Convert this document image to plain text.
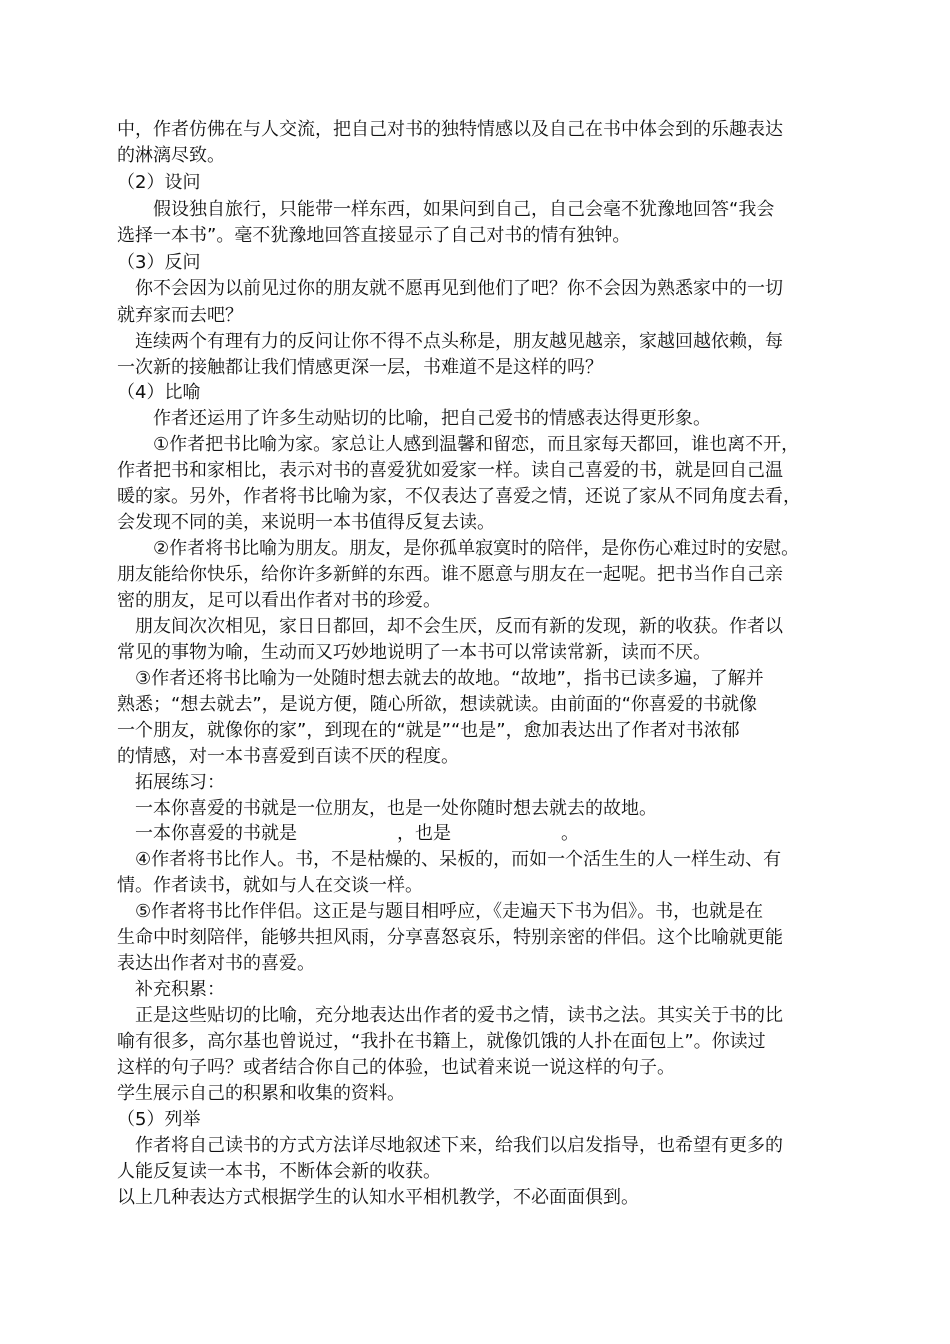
中，作者仿佛在与人交流，把自己对书的独特情感以及自己在书中体会到的乐趣表达
的淋漓尽致。
（2）设问
　　假设独自旅行，只能带一样东西，如果问到自己，自己会毫不犹豫地回答“我会
选择一本书”。毫不犹豫地回答直接显示了自己对书的情有独钟。
（3）反问
　你不会因为以前见过你的朋友就不愿再见到他们了吧？你不会因为熟悉家中的一切
就弃家而去吧？
　连续两个有理有力的反问让你不得不点头称是，朋友越见越亲，家越回越依赖，每
一次新的接触都让我们情感更深一层，书难道不是这样的吗？
（4）比喻
　　作者还运用了许多生动贴切的比喻，把自己爱书的情感表达得更形象。
　　①作者把书比喻为家。家总让人感到温馨和留恋，而且家每天都回，谁也离不开，
作者把书和家相比，表示对书的喜爱犹如爱家一样。读自己喜爱的书，就是回自己温
暖的家。另外，作者将书比喻为家，不仅表达了喜爱之情，还说了家从不同角度去看，
会发现不同的美，来说明一本书值得反复去读。
　　②作者将书比喻为朋友。朋友，是你孤单寂寞时的陪伴，是你伤心难过时的安慰。
朋友能给你快乐，给你许多新鲜的东西。谁不愿意与朋友在一起呢。把书当作自己亲
密的朋友，足可以看出作者对书的珍爱。
　朋友间次次相见，家日日都回，却不会生厌，反而有新的发现，新的收获。作者以
常见的事物为喻，生动而又巧妙地说明了一本书可以常读常新，读而不厌。
　③作者还将书比喻为一处随时想去就去的故地。“故地”，指书已读多遍，了解并
熟悉；“想去就去”，是说方便，随心所欲，想读就读。由前面的“你喜爱的书就像
一个朋友，就像你的家”，到现在的“就是”“也是”，愈加表达出了作者对书浓郁
的情感，对一本书喜爱到百读不厌的程度。
　拓展练习：
　一本你喜爱的书就是一位朋友，也是一处你随时想去就去的故地。
　一本你喜爱的书就是	，也是	。
　④作者将书比作人。书，不是枯燥的、呆板的，而如一个活生生的人一样生动、有
情。作者读书，就如与人在交谈一样。
　⑤作者将书比作伴侣。这正是与题目相呼应，《走遍天下书为侣》。书，也就是在
生命中时刻陪伴，能够共担风雨，分享喜怒哀乐，特别亲密的伴侣。这个比喻就更能
表达出作者对书的喜爱。
　补充积累：
　正是这些贴切的比喻，充分地表达出作者的爱书之情，读书之法。其实关于书的比
喻有很多，高尔基也曾说过，“我扑在书籍上，就像饥饿的人扑在面包上”。你读过
这样的句子吗？或者结合你自己的体验，也试着来说一说这样的句子。
学生展示自己的积累和收集的资料。
（5）列举
　作者将自己读书的方式方法详尽地叙述下来，给我们以启发指导，也希望有更多的
人能反复读一本书，不断体会新的收获。
以上几种表达方式根据学生的认知水平相机教学，不必面面俱到。
